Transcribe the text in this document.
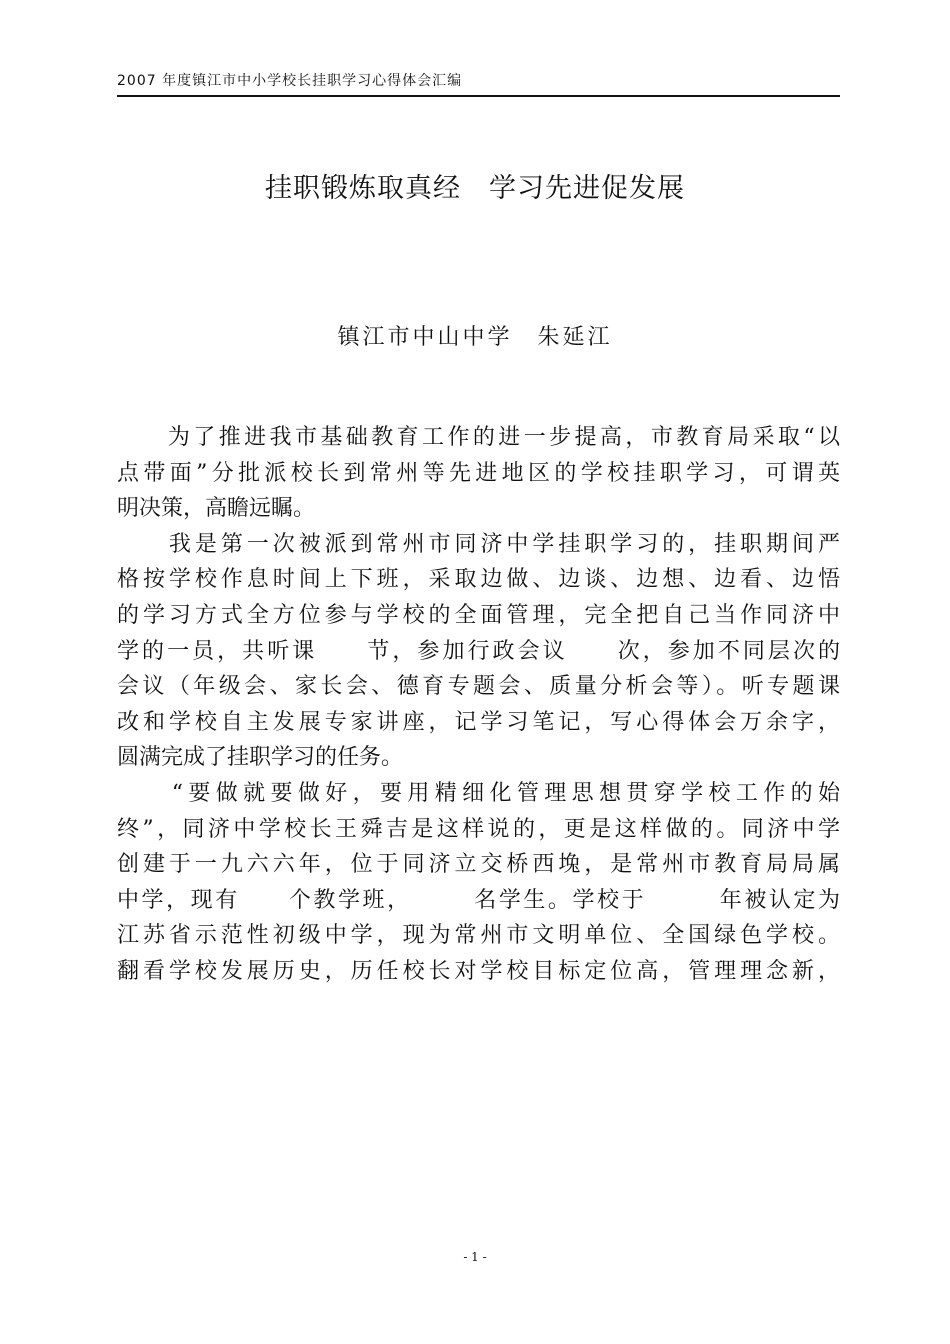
2007 年度镇江市中小学校长挂职学习心得体会汇编
挂职锻炼取真经　学习先进促发展
镇江市中山中学　朱延江
　　为了推进我市基础教育工作的进一步提高，市教育局采取“以
点带面”分批派校长到常州等先进地区的学校挂职学习，可谓英
明决策，高瞻远瞩。
　　我是第一次被派到常州市同济中学挂职学习的，挂职期间严
格按学校作息时间上下班，采取边做、边谈、边想、边看、边悟
的学习方式全方位参与学校的全面管理，完全把自己当作同济中
学的一员，共听课　　节，参加行政会议　　次，参加不同层次的
会议（年级会、家长会、德育专题会、质量分析会等）。听专题课
改和学校自主发展专家讲座，记学习笔记，写心得体会万余字，
圆满完成了挂职学习的任务。
　　“要做就要做好，要用精细化管理思想贯穿学校工作的始
终”，同济中学校长王舜吉是这样说的，更是这样做的。同济中学
创建于一九六六年，位于同济立交桥西堍，是常州市教育局局属
中学，现有　　个教学班，　　　名学生。学校于　　　年被认定为
江苏省示范性初级中学，现为常州市文明单位、全国绿色学校。
翻看学校发展历史，历任校长对学校目标定位高，管理理念新，
- 1 -
